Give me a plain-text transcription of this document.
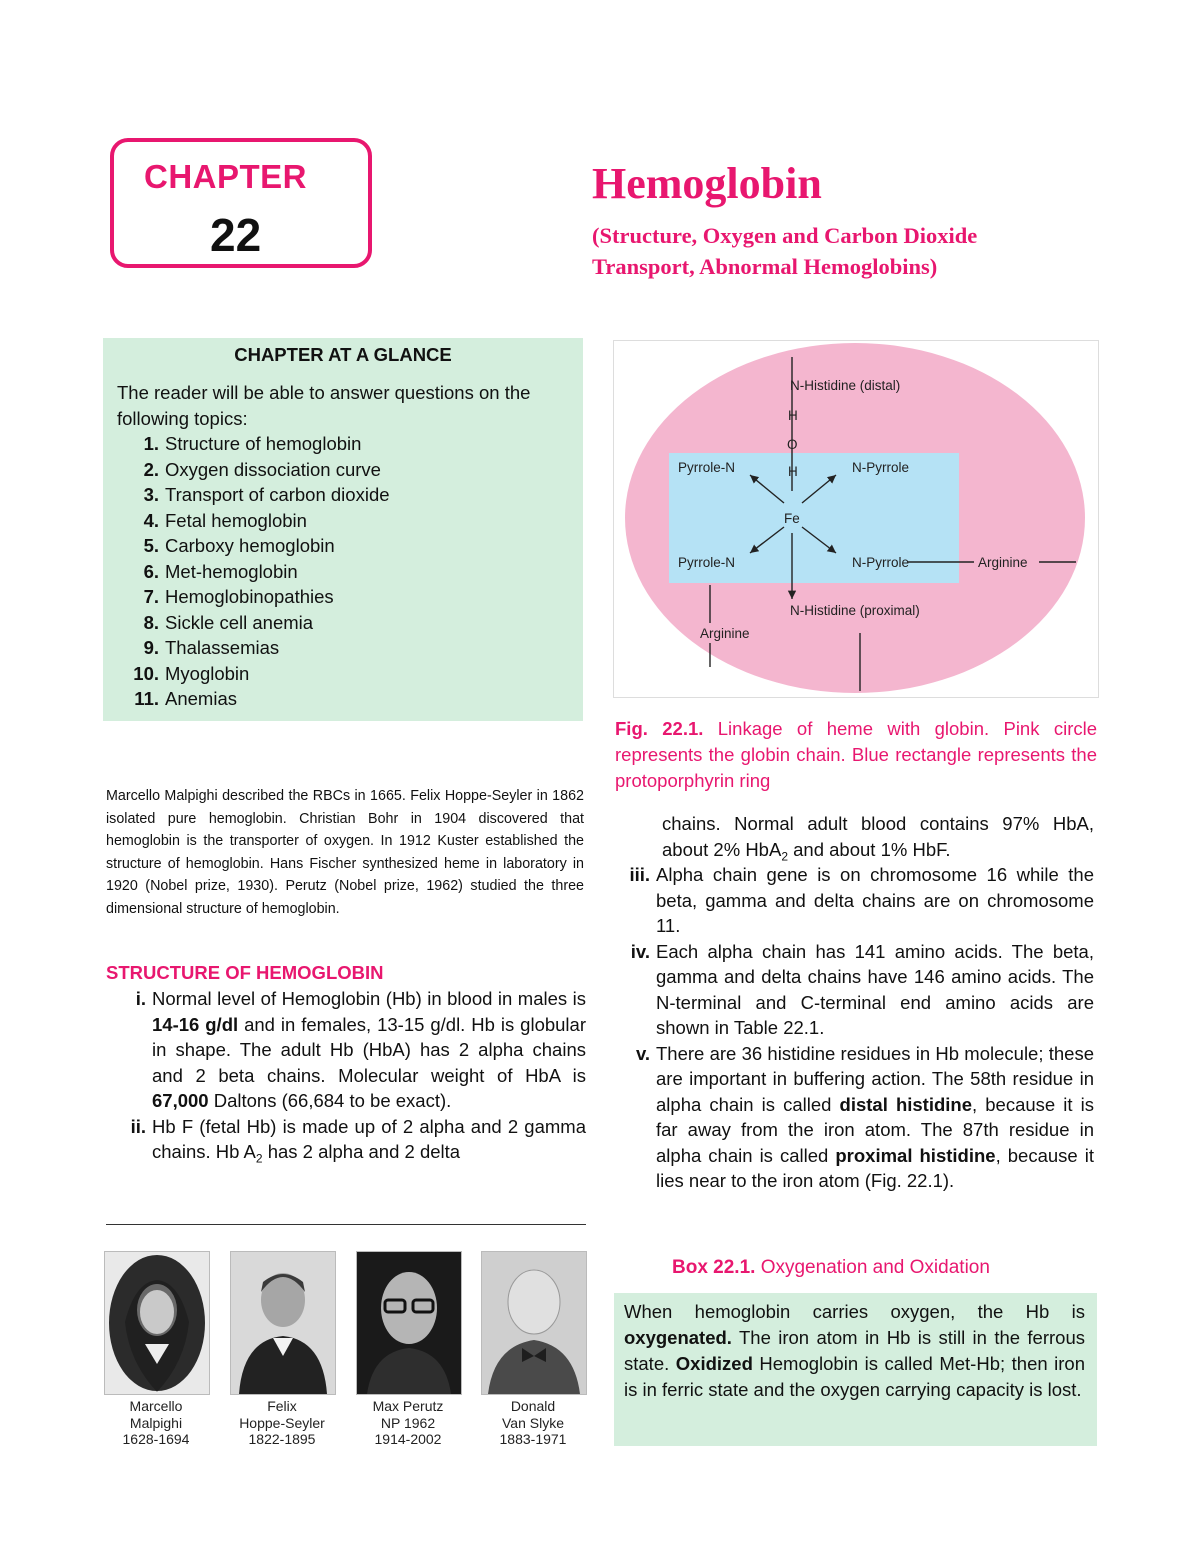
CHAPTER
22
Hemoglobin
(Structure, Oxygen and Carbon Dioxide Transport, Abnormal Hemoglobins)
CHAPTER AT A GLANCE
The reader will be able to answer questions on the following topics:
1. Structure of hemoglobin
2. Oxygen dissociation curve
3. Transport of carbon dioxide
4. Fetal hemoglobin
5. Carboxy hemoglobin
6. Met-hemoglobin
7. Hemoglobinopathies
8. Sickle cell anemia
9. Thalassemias
10. Myoglobin
11. Anemias
Marcello Malpighi described the RBCs in 1665. Felix Hoppe-Seyler in 1862 isolated pure hemoglobin. Christian Bohr in 1904 discovered that hemoglobin is the transporter of oxygen. In 1912 Kuster established the structure of hemoglobin. Hans Fischer synthesized heme in laboratory in 1920 (Nobel prize, 1930). Perutz (Nobel prize, 1962) studied the three dimensional structure of hemoglobin.
STRUCTURE OF HEMOGLOBIN
i. Normal level of Hemoglobin (Hb) in blood in males is 14-16 g/dl and in females, 13-15 g/dl. Hb is globular in shape. The adult Hb (HbA) has 2 alpha chains and 2 beta chains. Molecular weight of HbA is 67,000 Daltons (66,684 to be exact).
ii. Hb F (fetal Hb) is made up of 2 alpha and 2 gamma chains. Hb $A_2$ has 2 alpha and 2 delta
Marcello
Malpighi
1628-1694
Felix
Hoppe-Seyler
1822-1895
Max Perutz
NP 1962
1914-2002
Donald
Van Slyke
1883-1971
N-Histidine (distal)
H
O
H
Pyrrole-N	N-Pyrrole
Fe
Pyrrole-N	N-Pyrrole	Arginine
N-Histidine (proximal)
Arginine
Fig. 22.1. Linkage of heme with globin. Pink circle represents the globin chain. Blue rectangle represents the protoporphyrin ring
chains. Normal adult blood contains 97% HbA, about 2% HbA$_2$ and about 1% HbF.
iii. Alpha chain gene is on chromosome 16 while the beta, gamma and delta chains are on chromosome 11.
iv. Each alpha chain has 141 amino acids. The beta, gamma and delta chains have 146 amino acids. The N-terminal and C-terminal end amino acids are shown in Table 22.1.
v. There are 36 histidine residues in Hb molecule; these are important in buffering action. The 58th residue in alpha chain is called distal histidine, because it is far away from the iron atom. The 87th residue in alpha chain is called proximal histidine, because it lies near to the iron atom (Fig. 22.1).
Box 22.1. Oxygenation and Oxidation
When hemoglobin carries oxygen, the Hb is oxygenated. The iron atom in Hb is still in the ferrous state. Oxidized Hemoglobin is called Met-Hb; then iron is in ferric state and the oxygen carrying capacity is lost.
